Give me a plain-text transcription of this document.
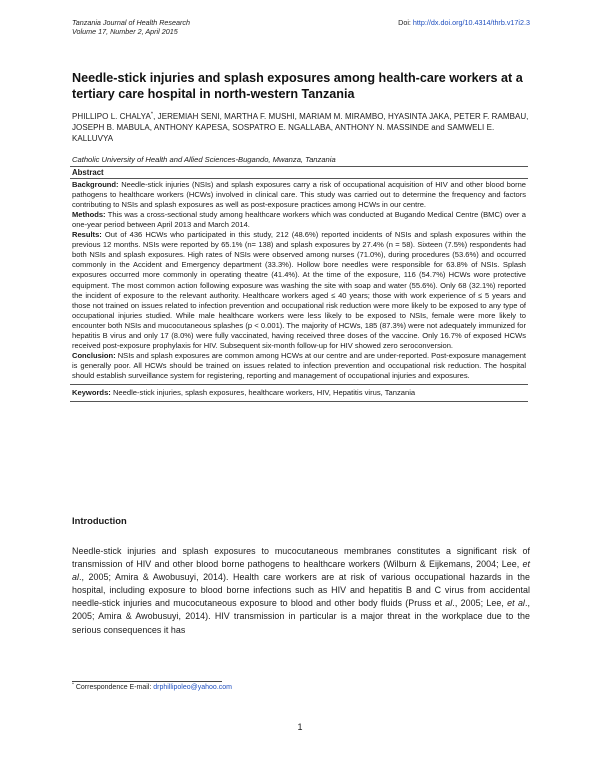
Tanzania Journal of Health Research
Volume 17, Number 2, April 2015
Doi: http://dx.doi.org/10.4314/thrb.v17i2.3
Needle-stick injuries and splash exposures among health-care workers at a tertiary care hospital in north-western Tanzania
PHILLIPO L. CHALYA*, JEREMIAH SENI, MARTHA F. MUSHI, MARIAM M. MIRAMBO, HYASINTA JAKA, PETER F. RAMBAU, JOSEPH B. MABULA, ANTHONY KAPESA, SOSPATRO E. NGALLABA, ANTHONY N. MASSINDE and SAMWELI E. KALLUVYA
Catholic University of Health and Allied Sciences-Bugando, Mwanza, Tanzania
Abstract

Background: Needle-stick injuries (NSIs) and splash exposures carry a risk of occupational acquisition of HIV and other blood borne pathogens to healthcare workers (HCWs) involved in clinical care. This study was carried out to determine the frequency and factors contributing to NSIs and splash exposures as well as post-exposure practices among HCWs in our centre.

Methods: This was a cross-sectional study among healthcare workers which was conducted at Bugando Medical Centre (BMC) over a one-year period between April 2013 and March 2014.

Results: Out of 436 HCWs who participated in this study, 212 (48.6%) reported incidents of NSIs and splash exposures within the previous 12 months. NSIs were reported by 65.1% (n= 138) and splash exposures by 27.4% (n = 58). Sixteen (7.5%) respondents had both NSIs and splash exposures. High rates of NSIs were observed among nurses (71.0%), during procedures (53.6%) and occurred commonly in the Accident and Emergency department (33.3%). Hollow bore needles were responsible for 63.8% of NSIs. Splash exposures occurred more commonly in operating theatre (41.4%). At the time of the exposure, 116 (54.7%) HCWs wore protective equipment. The most common action following exposure was washing the site with soap and water (55.6%). Only 68 (32.1%) reported the incident of exposure to the relevant authority. Healthcare workers aged ≤ 40 years; those with work experience of ≤ 5 years and those not trained on issues related to infection prevention and occupational risk reduction were more likely to be exposed to any type of occupational injuries studied. While male healthcare workers were less likely to be exposed to NSIs, female were more likely to encounter both NSIs and mucocutaneous splashes (p < 0.001). The majority of HCWs, 185 (87.3%) were not adequately immunized for hepatitis B virus and only 17 (8.0%) were fully vaccinated, having received three doses of the vaccine. Only 16.7% of exposed HCWs received post-exposure prophylaxis for HIV. Subsequent six-month follow-up for HIV showed zero seroconversion.

Conclusion: NSIs and splash exposures are common among HCWs at our centre and are under-reported. Post-exposure management is generally poor. All HCWs should be trained on issues related to infection prevention and occupational risk reduction. The hospital should establish surveillance system for registering, reporting and management of occupational injuries and exposures.

Keywords: Needle-stick injuries, splash exposures, healthcare workers, HIV, Hepatitis virus, Tanzania
Introduction
Needle-stick injuries and splash exposures to mucocutaneous membranes constitutes a significant risk of transmission of HIV and other blood borne pathogens to healthcare workers (Wilburn & Eijkemans, 2004; Lee, et al., 2005; Amira & Awobusuyi, 2014). Health care workers are at risk of various occupational hazards in the hospital, including exposure to blood borne infections such as HIV and hepatitis B and C virus from accidental needle-stick injuries and mucocutaneous exposure to blood and other body fluids (Pruss et al., 2005; Lee, et al., 2005; Amira & Awobusuyi, 2014). HIV transmission in particular is a major threat in the workplace due to the serious consequences it has
* Correspondence E-mail: drphillipoleo@yahoo.com
1
